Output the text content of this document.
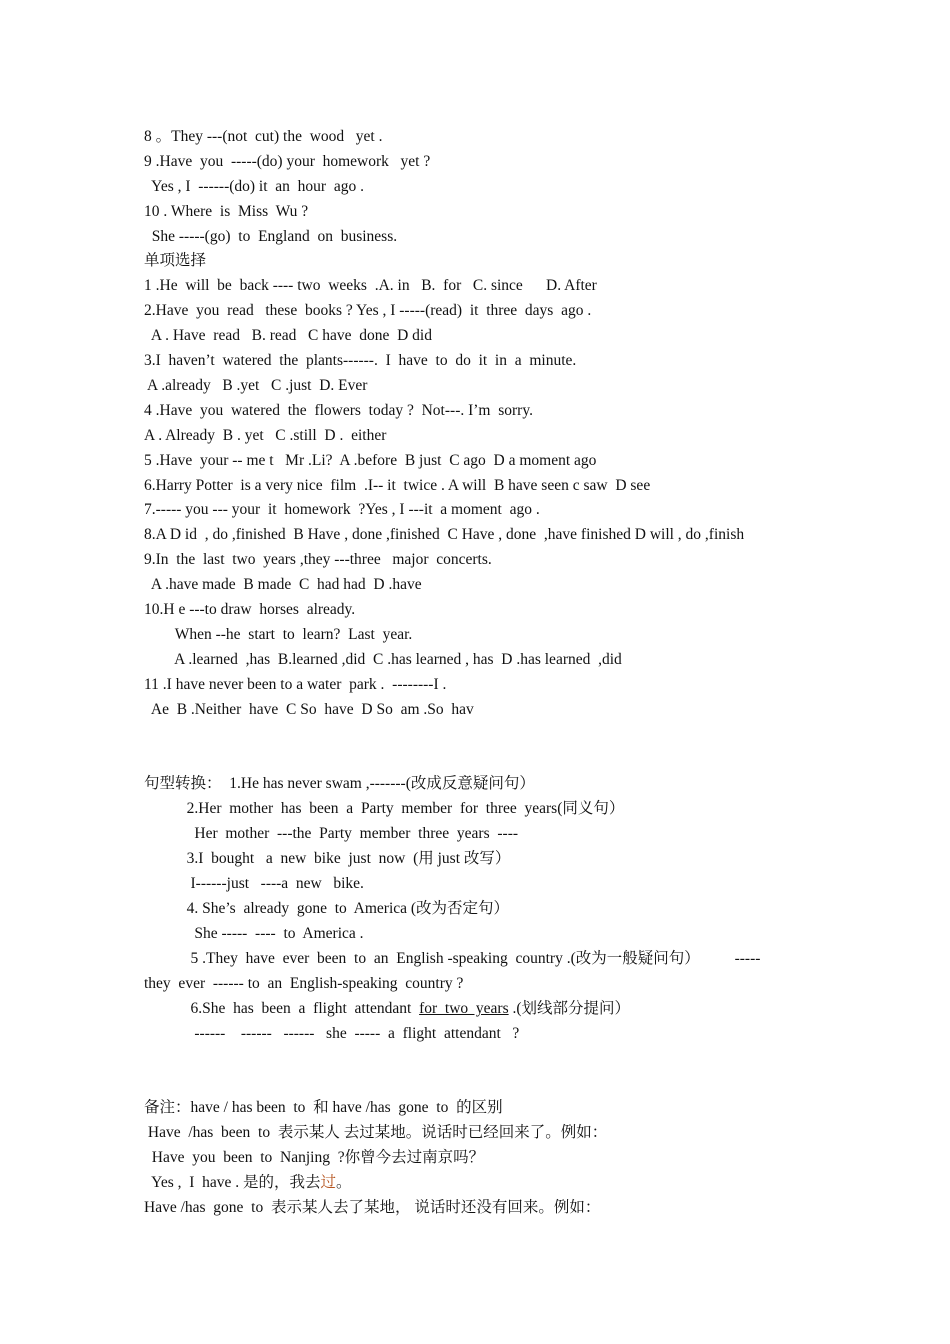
8 。They ---(not  cut) the  wood   yet .
9 .Have  you  -----(do) your  homework   yet ?
Yes , I  ------(do) it  an  hour  ago .
10 . Where  is  Miss  Wu ?
She -----(go)  to  England  on  business.
单项选择
1 .He  will  be  back ---- two  weeks  .A. in   B.  for   C. since      D. After
2.Have  you  read   these  books ? Yes , I -----(read)  it  three  days  ago .
A . Have  read   B. read   C have  done  D did
3.I  haven’t  watered  the  plants------.  I  have  to  do  it  in  a  minute.
A .already   B .yet   C .just  D. Ever
4 .Have  you  watered  the  flowers  today ?  Not---. I’m  sorry.
A . Already  B . yet   C .still  D .  either
5 .Have  your -- me t   Mr .Li?  A .before  B just  C ago  D a moment ago
6.Harry Potter  is a very nice  film  .I-- it  twice . A will  B have seen c saw  D see
7.----- you --- your  it  homework  ?Yes , I ---it  a moment  ago .
8.A D id  , do ,finished  B Have , done ,finished  C Have , done  ,have finished D will , do ,finish
9.In  the  last  two  years ,they ---three   major  concerts.
A .have made  B made  C  had had  D .have
10.H e ---to draw  horses  already.
When --he  start  to  learn?  Last  year.
A .learned  ,has  B.learned ,did  C .has learned , has  D .has learned  ,did
11 .I have never been to a water  park .  --------I .
Ae  B .Neither  have  C So  have  D So  am .So  hav
句型转换：  1.He has never swam ,-------(改成反意疑问句）
2.Her  mother  has  been  a  Party  member  for  three  years(同义句）
Her  mother  ---the  Party  member  three  years  ----
3.I  bought   a  new  bike  just  now  (用 just 改写）
I------just   ----a  new   bike.
4. She’s  already  gone  to  America (改为否定句）
She -----  ----  to  America .
5 .They  have  ever  been  to  an  English -speaking  country .(改为一般疑问句）         -----
they  ever  ------ to  an  English-speaking  country ?
6.She  has  been  a  flight  attendant  for  two  years .(划线部分提问）
------    ------   ------   she  -----  a  flight  attendant   ?
备注：have / has been  to  和 have /has  gone  to  的区别
Have  /has  been  to  表示某人 去过某地。说话时已经回来了。例如：
Have  you  been  to  Nanjing  ?你曾今去过南京吗？
Yes ,  I  have . 是的，我去过。
Have /has  gone  to  表示某人去了某地， 说话时还没有回来。例如：
